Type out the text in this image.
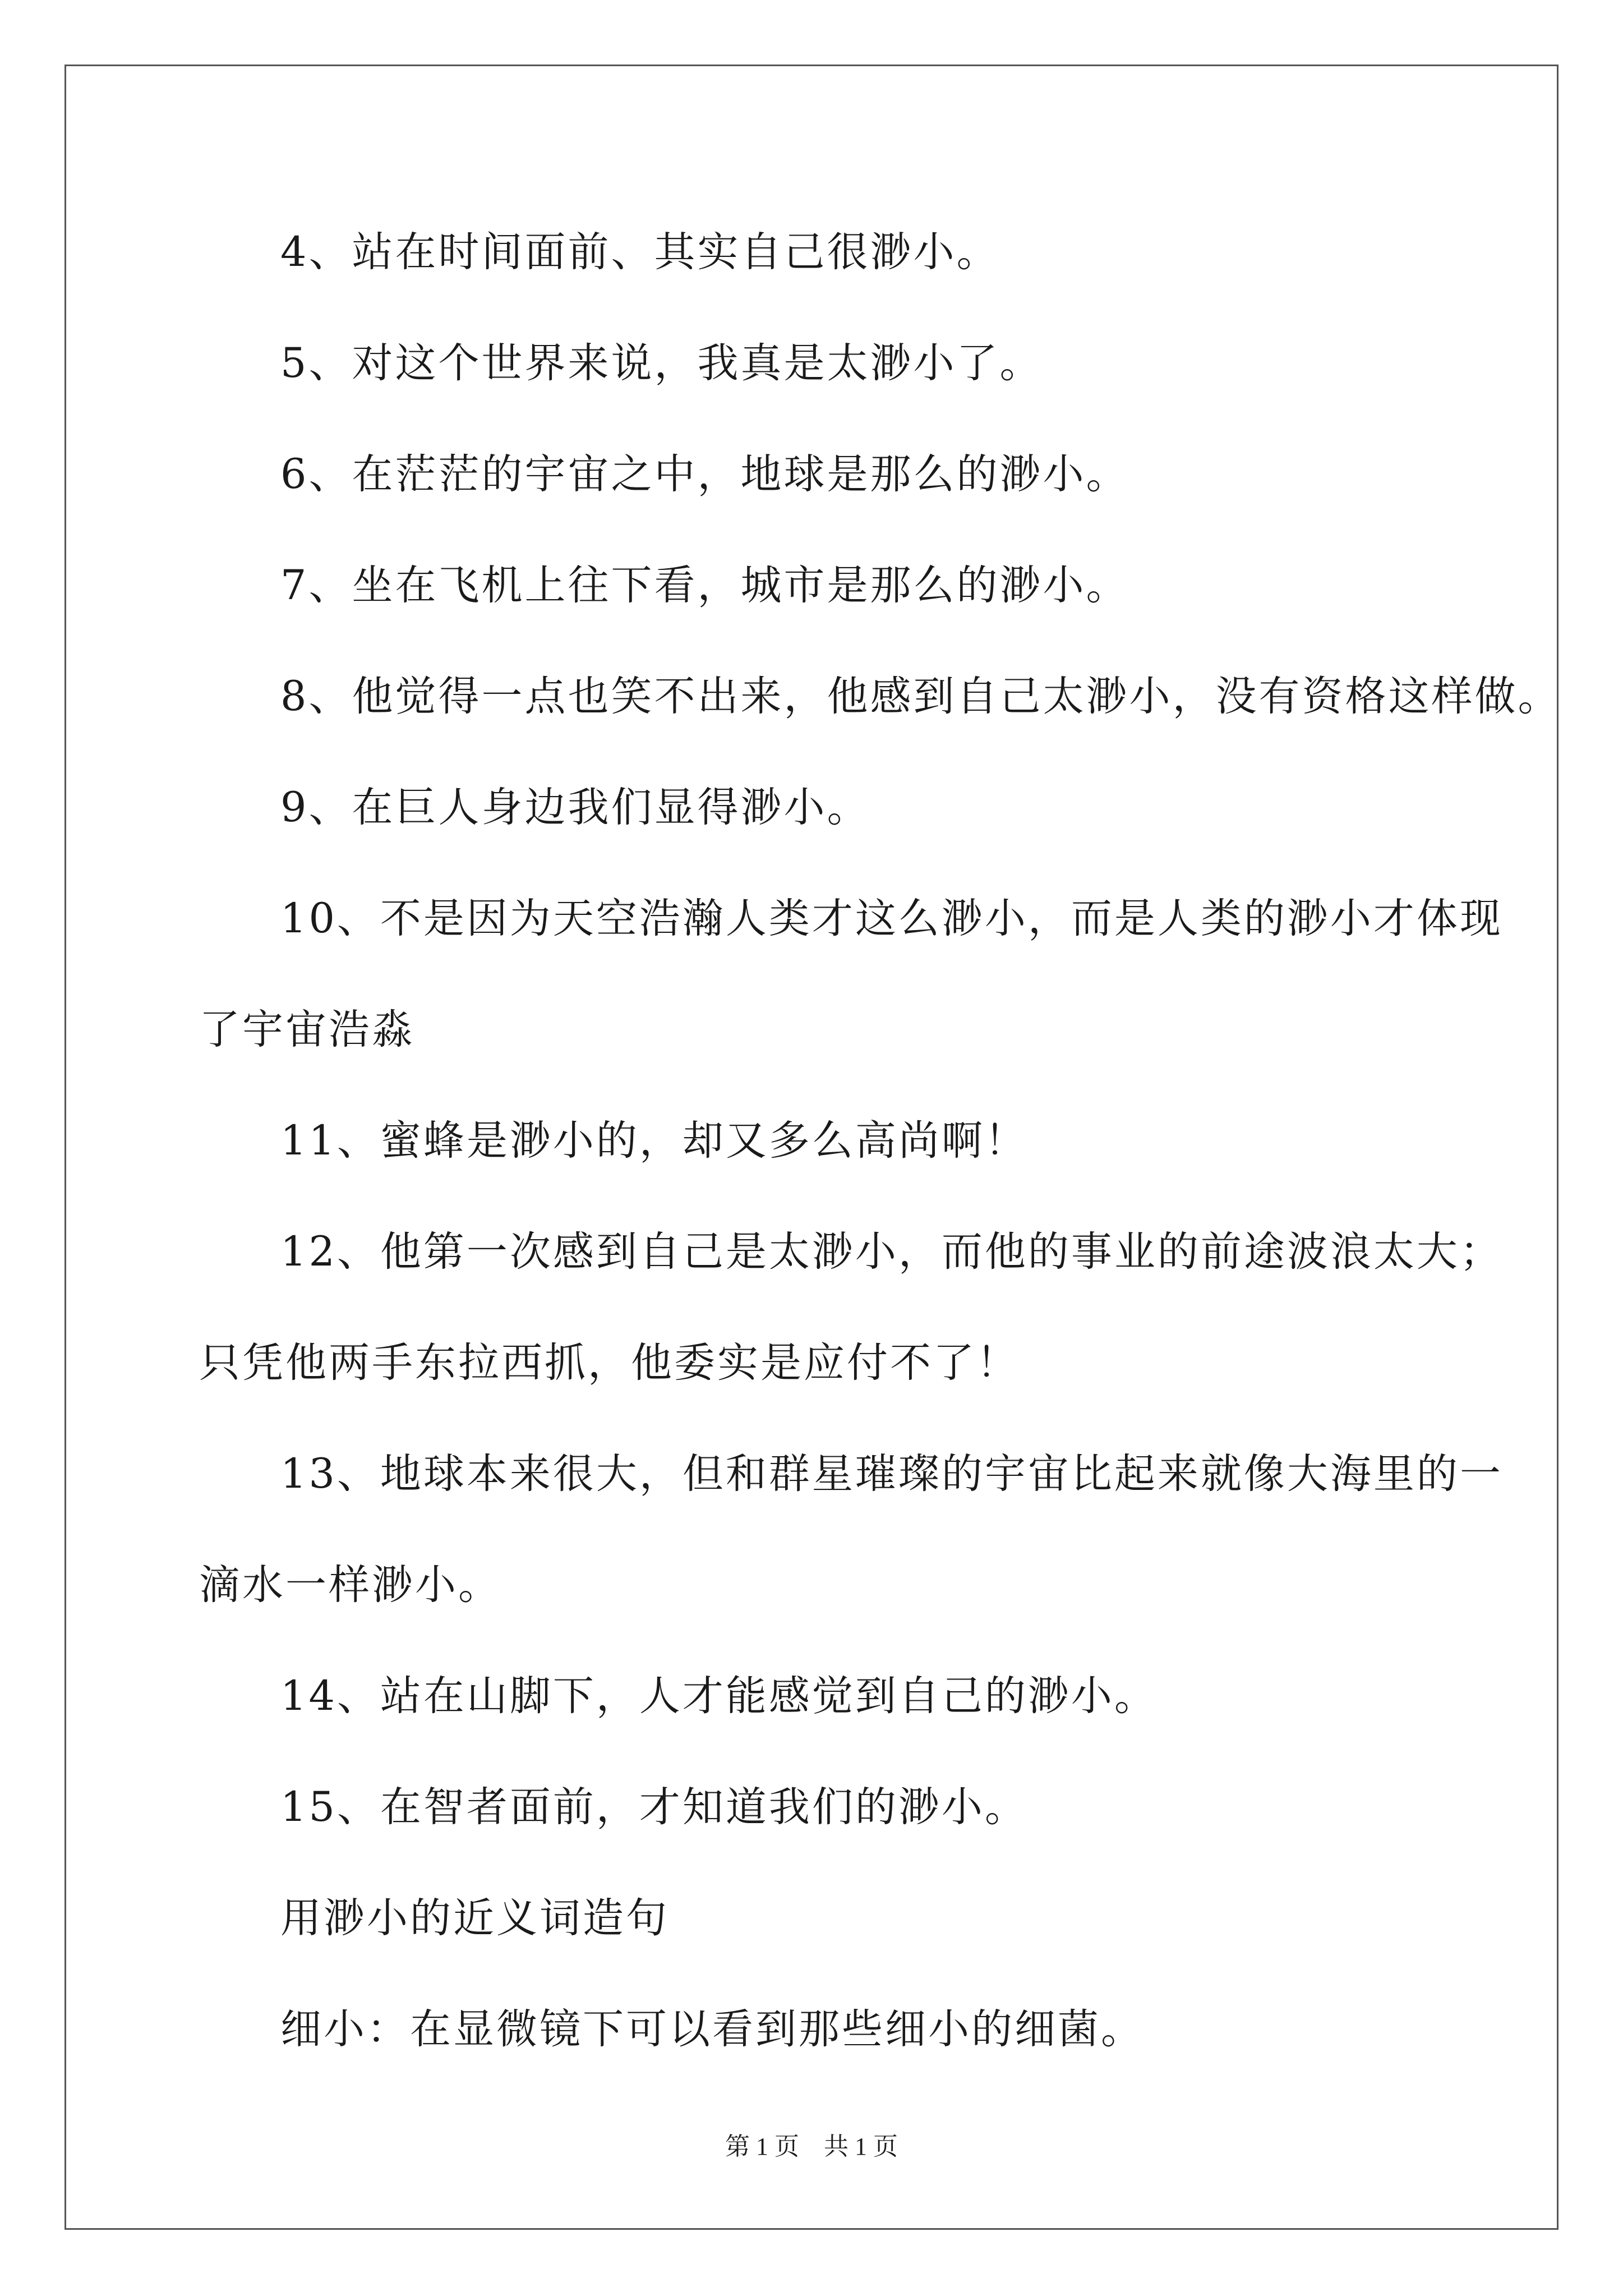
4、站在时间面前、其实自己很渺小。
5、对这个世界来说，我真是太渺小了。
6、在茫茫的宇宙之中，地球是那么的渺小。
7、坐在飞机上往下看，城市是那么的渺小。
8、他觉得一点也笑不出来，他感到自己太渺小，没有资格这样做。
9、在巨人身边我们显得渺小。
10、不是因为天空浩瀚人类才这么渺小，而是人类的渺小才体现
了宇宙浩淼
11、蜜蜂是渺小的，却又多么高尚啊！
12、他第一次感到自己是太渺小，而他的事业的前途波浪太大；
只凭他两手东拉西抓，他委实是应付不了！
13、地球本来很大，但和群星璀璨的宇宙比起来就像大海里的一
滴水一样渺小。
14、站在山脚下，人才能感觉到自己的渺小。
15、在智者面前，才知道我们的渺小。
用渺小的近义词造句
细小：在显微镜下可以看到那些细小的细菌。
第 1 页　共 1 页
